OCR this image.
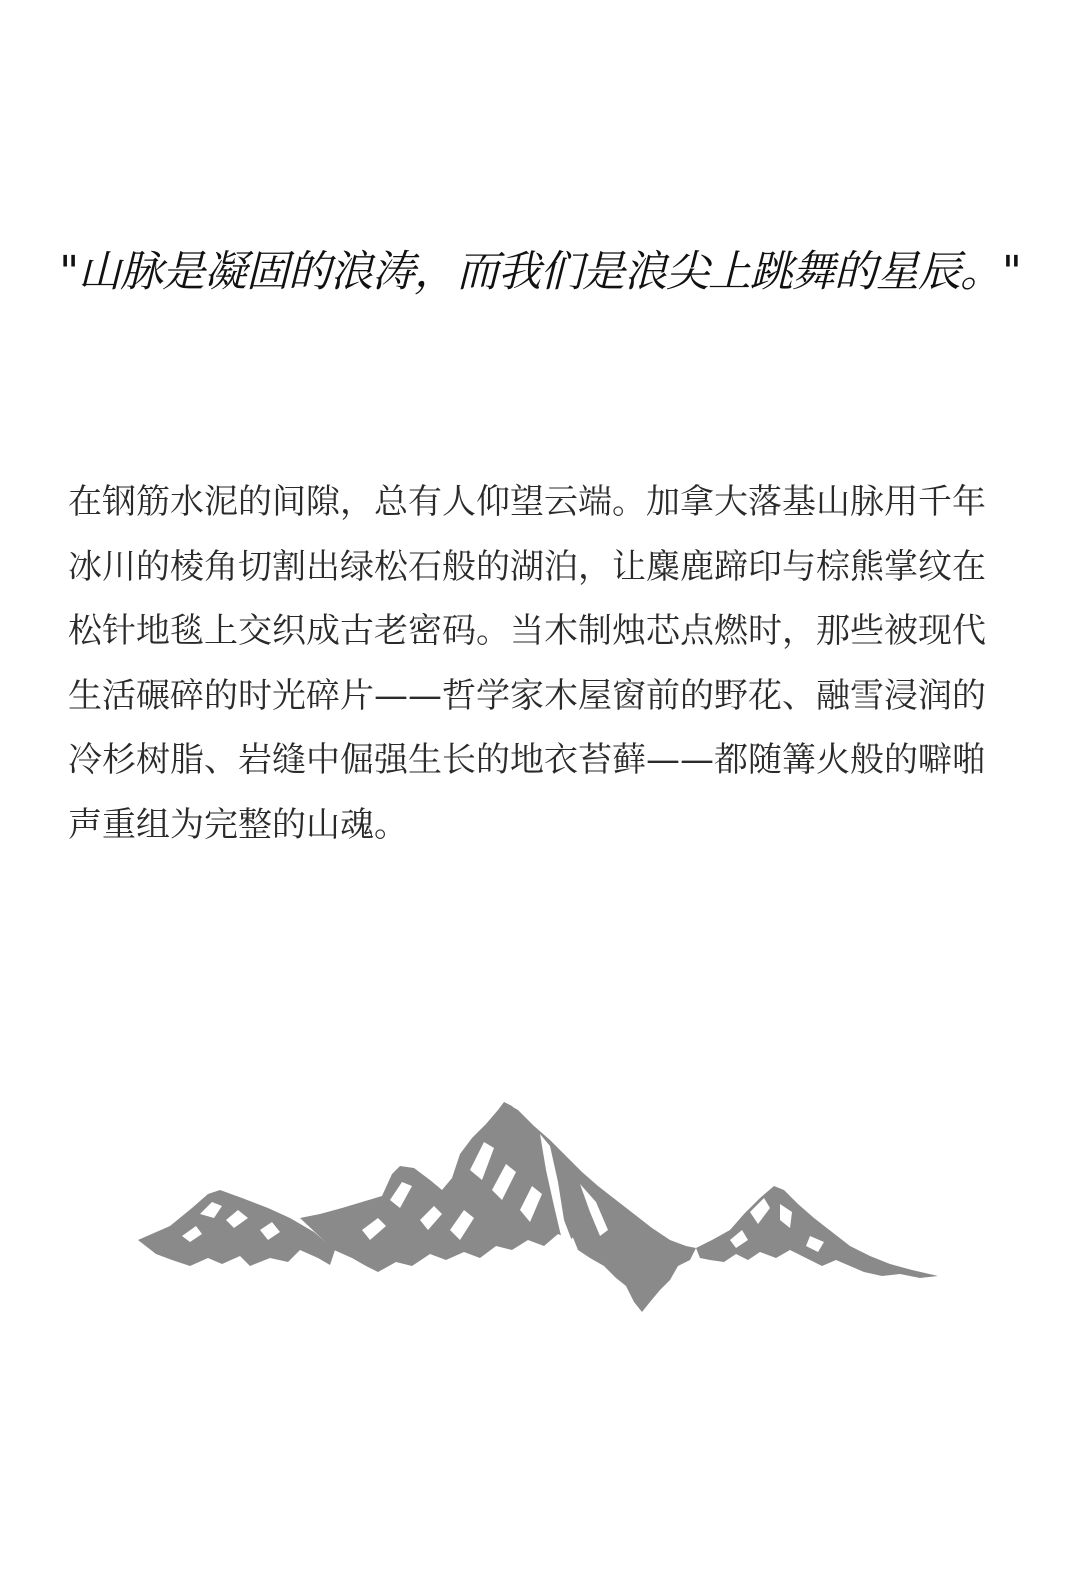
"山脉是凝固的浪涛，而我们是浪尖上跳舞的星辰。"

在钢筋水泥的间隙，总有人仰望云端。加拿大落基山脉用千年冰川的棱角切割出绿松石般的湖泊，让麋鹿蹄印与棕熊掌纹在松针地毯上交织成古老密码。当木制烛芯点燃时，那些被现代生活碾碎的时光碎片——哲学家木屋窗前的野花、融雪浸润的冷杉树脂、岩缝中倔强生长的地衣苔藓——都随篝火般的噼啪声重组为完整的山魂。
